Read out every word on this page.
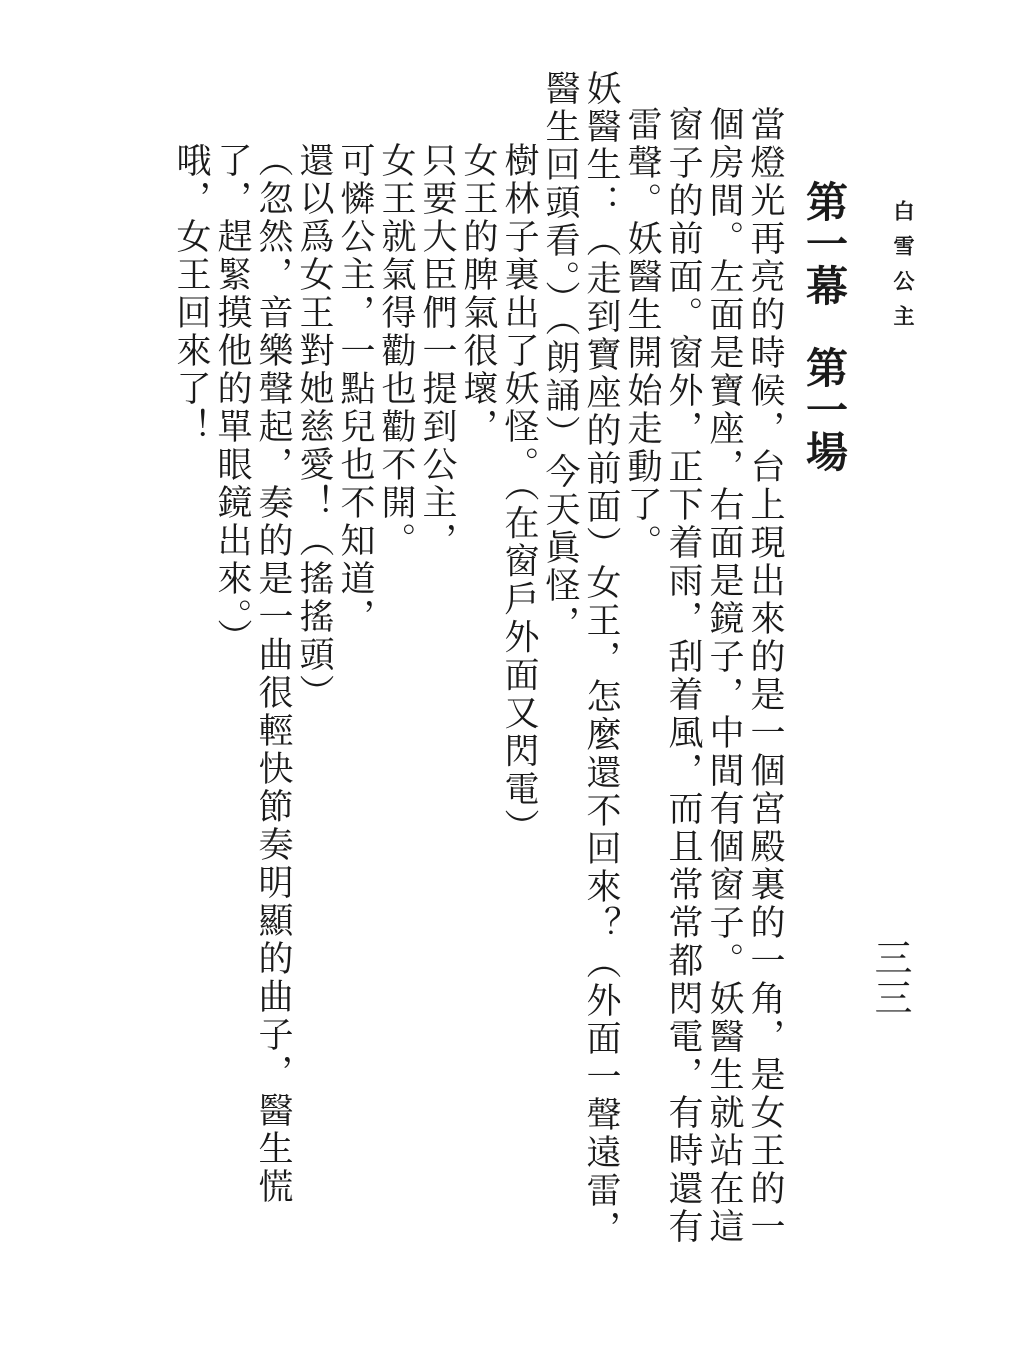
白雪公主
三三
第一幕第一場

當燈光再亮的時候，台上現出來的是一個宮殿裏的一角，是女王的一個房間。左面是寶座，右面是鏡子，中間有個窗子。妖醫生就站在這窗子的前面。窗外，正下着雨，刮着風，而且常常都閃電，有時還有雷聲。妖醫生開始走動了。

妖醫生：（走到寶座的前面）女王，怎麼還不回來？（外面一聲遠雷，醫生回頭看。）（朗誦）今天眞怪，

樹林子裏出了妖怪。（在窗戶外面又閃電）

女王的脾氣很壞，

只要大臣們一提到公主，

女王就氣得勸也勸不開。

可憐公主，一點兒也不知道，

還以爲女王對她慈愛！（搖搖頭）

（忽然，音樂聲起，奏的是一曲很輕快節奏明顯的曲子，醫生慌了，趕緊摸他的單眼鏡出來。）

哦，女王回來了！
